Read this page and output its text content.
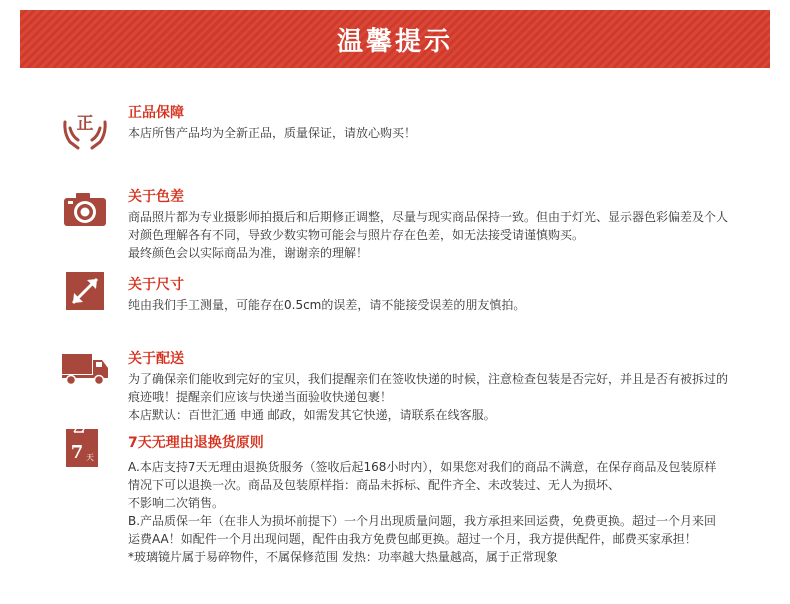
温馨提示
正
正品保障

本店所售产品均为全新正品，质量保证，请放心购买！

关于色差

商品照片都为专业摄影师拍摄后和后期修正调整，尽量与现实商品保持一致。但由于灯光、显示器色彩偏差及个人

对颜色理解各有不同，导致少数实物可能会与照片存在色差，如无法接受请谨慎购买。

最终颜色会以实际商品为准，谢谢亲的理解！

关于尺寸

纯由我们手工测量，可能存在0.5cm的误差，请不能接受误差的朋友慎拍。

关于配送

为了确保亲们能收到完好的宝贝，我们提醒亲们在签收快递的时候，注意检查包装是否完好，并且是否有被拆过的

痕迹哦！提醒亲们应该与快递当面验收快递包裹！

本店默认：百世汇通 申通 邮政，如需发其它快递，请联系在线客服。

7 天
7天无理由退换货原则

A.本店支持7天无理由退换货服务（签收后起168小时内），如果您对我们的商品不满意，在保存商品及包装原样

情况下可以退换一次。商品及包装原样指：商品未拆标、配件齐全、未改装过、无人为损坏、

不影响二次销售。

B.产品质保一年（在非人为损坏前提下）一个月出现质量问题，我方承担来回运费，免费更换。超过一个月来回

运费AA！如配件一个月出现问题，配件由我方免费包邮更换。超过一个月，我方提供配件，邮费买家承担！

*玻璃镜片属于易碎物件，不属保修范围 发热：功率越大热量越高，属于正常现象
